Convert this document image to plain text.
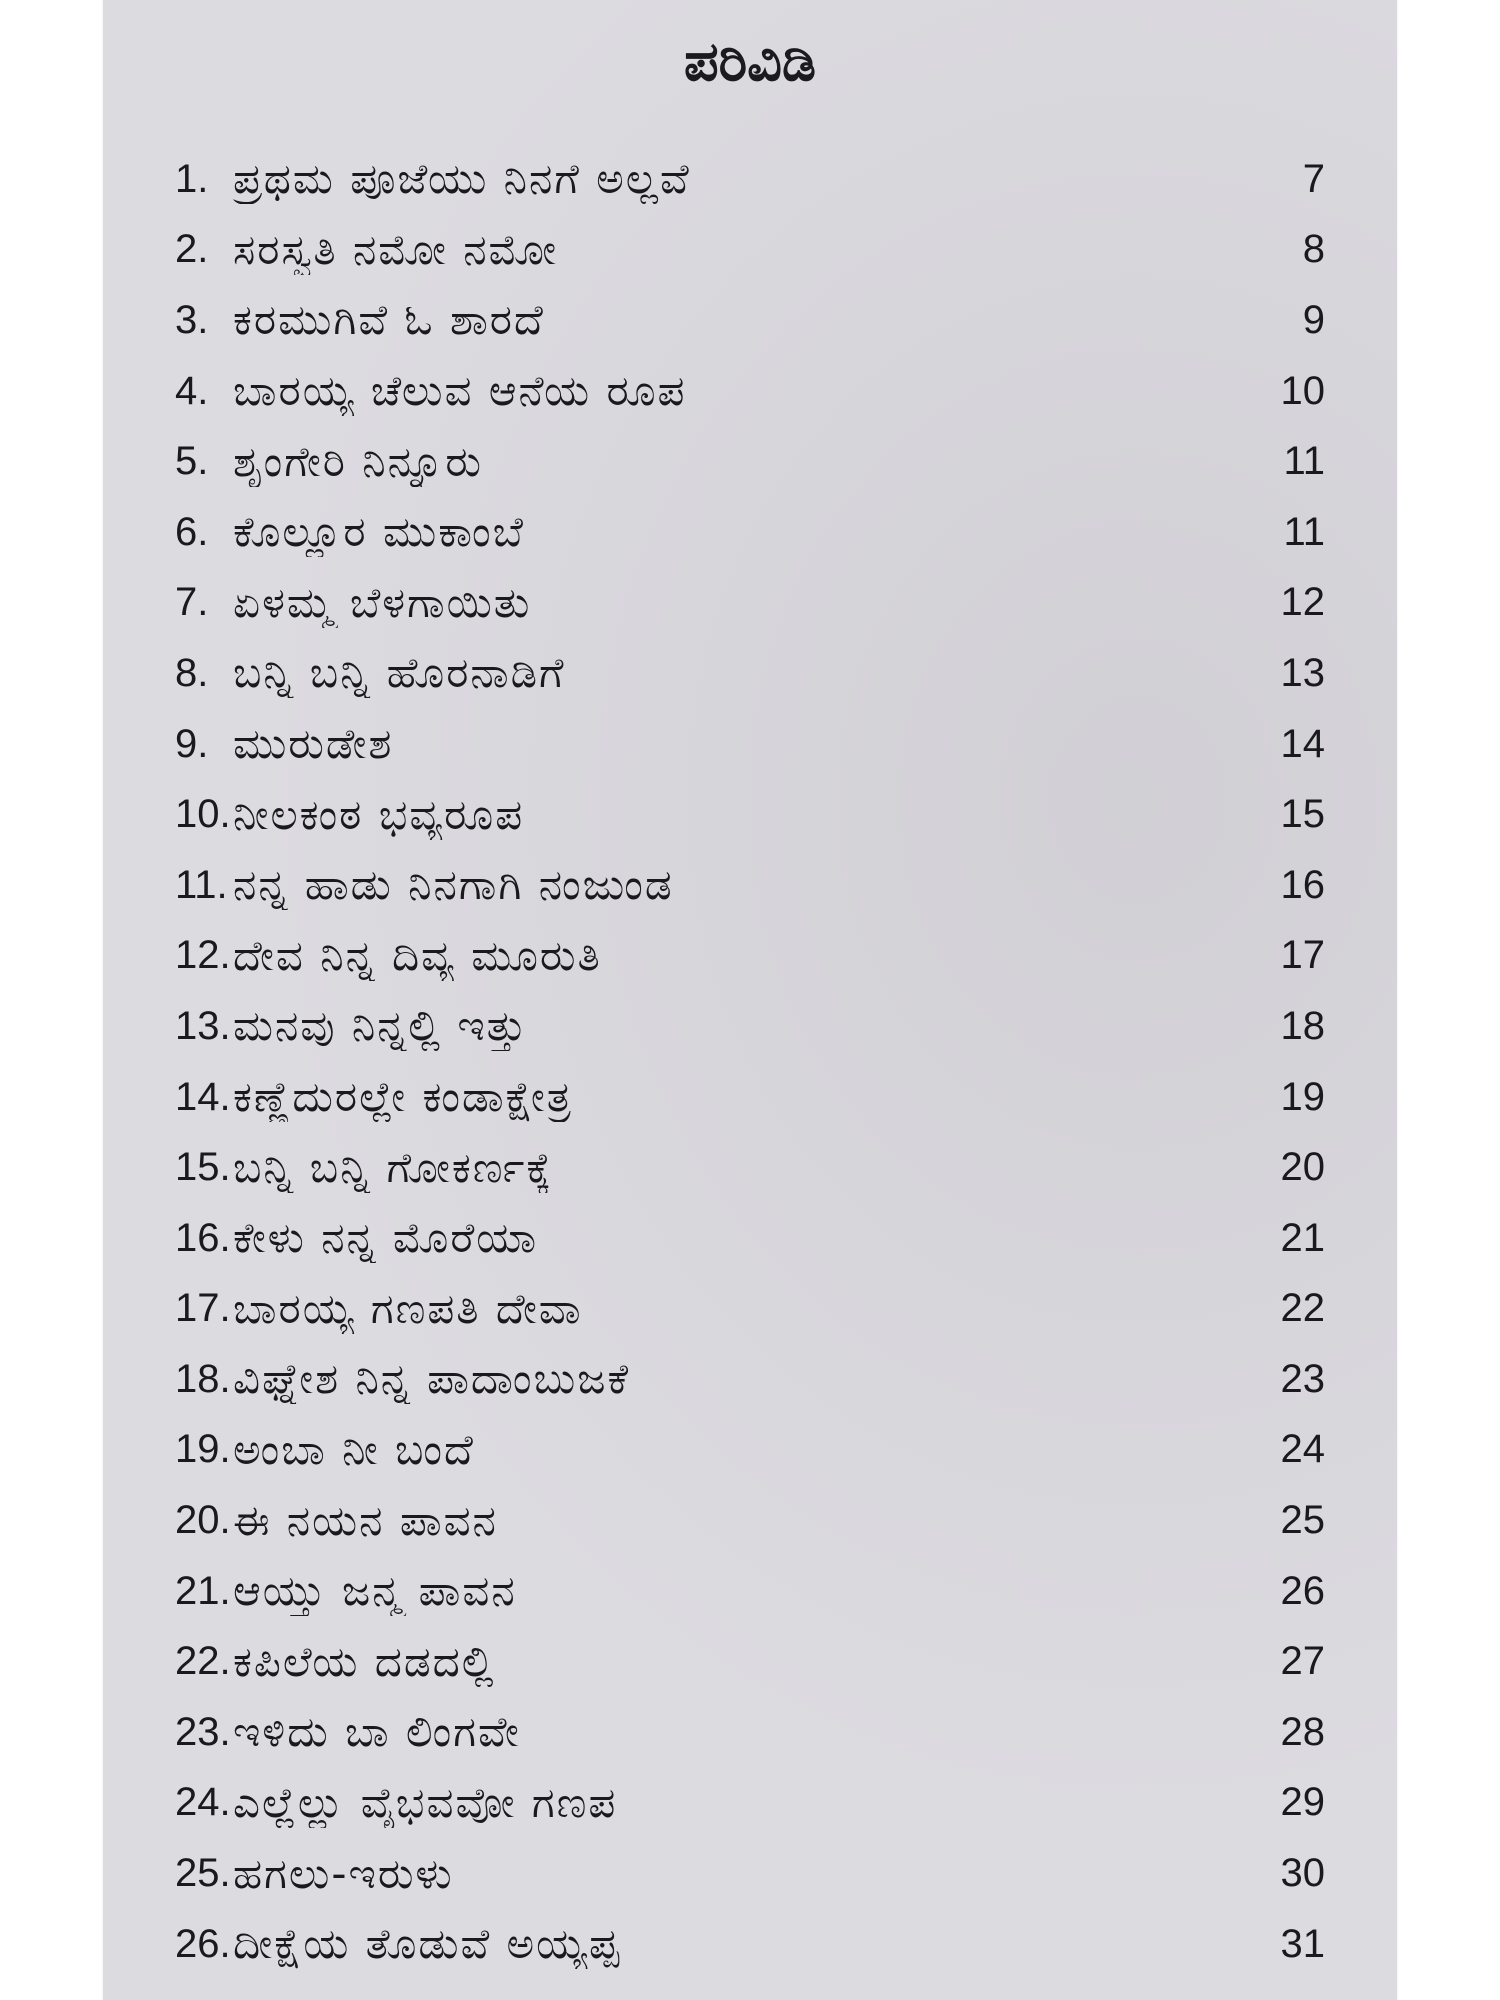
ಪರಿವಿಡಿ
1. ಪ್ರಥಮ ಪೂಜೆಯು ನಿನಗೆ ಅಲ್ಲವೆ	7
2. ಸರಸ್ವತಿ ನಮೋ ನಮೋ	8
3. ಕರಮುಗಿವೆ ಓ ಶಾರದೆ	9
4. ಬಾರಯ್ಯ ಚೆಲುವ ಆನೆಯ ರೂಪ	10
5. ಶೃಂಗೇರಿ ನಿನ್ನೂರು	11
6. ಕೊಲ್ಲೂರ ಮುಕಾಂಬೆ	11
7. ಏಳಮ್ಮ ಬೆಳಗಾಯಿತು	12
8. ಬನ್ನಿ ಬನ್ನಿ ಹೊರನಾಡಿಗೆ	13
9. ಮುರುಡೇಶ	14
10. ನೀಲಕಂಠ ಭವ್ಯರೂಪ	15
11. ನನ್ನ ಹಾಡು ನಿನಗಾಗಿ ನಂಜುಂಡ	16
12. ದೇವ ನಿನ್ನ ದಿವ್ಯ ಮೂರುತಿ	17
13. ಮನವು ನಿನ್ನಲ್ಲಿ ಇತ್ತು	18
14. ಕಣ್ಣೆದುರಲ್ಲೇ ಕಂಡಾಕ್ಷೇತ್ರ	19
15. ಬನ್ನಿ ಬನ್ನಿ ಗೋಕರ್ಣಕ್ಕೆ	20
16. ಕೇಳು ನನ್ನ ಮೊರೆಯಾ	21
17. ಬಾರಯ್ಯ ಗಣಪತಿ ದೇವಾ	22
18. ವಿಘ್ನೇಶ ನಿನ್ನ ಪಾದಾಂಬುಜಕೆ	23
19. ಅಂಬಾ ನೀ ಬಂದೆ	24
20. ಈ ನಯನ ಪಾವನ	25
21. ಆಯ್ತು ಜನ್ಮ ಪಾವನ	26
22. ಕಪಿಲೆಯ ದಡದಲ್ಲಿ	27
23. ಇಳಿದು ಬಾ ಲಿಂಗವೇ	28
24. ಎಲ್ಲೆಲ್ಲು ವೈಭವವೋ ಗಣಪ	29
25. ಹಗಲು-ಇರುಳು	30
26. ದೀಕ್ಷೆಯ ತೊಡುವೆ ಅಯ್ಯಪ್ಪ	31
